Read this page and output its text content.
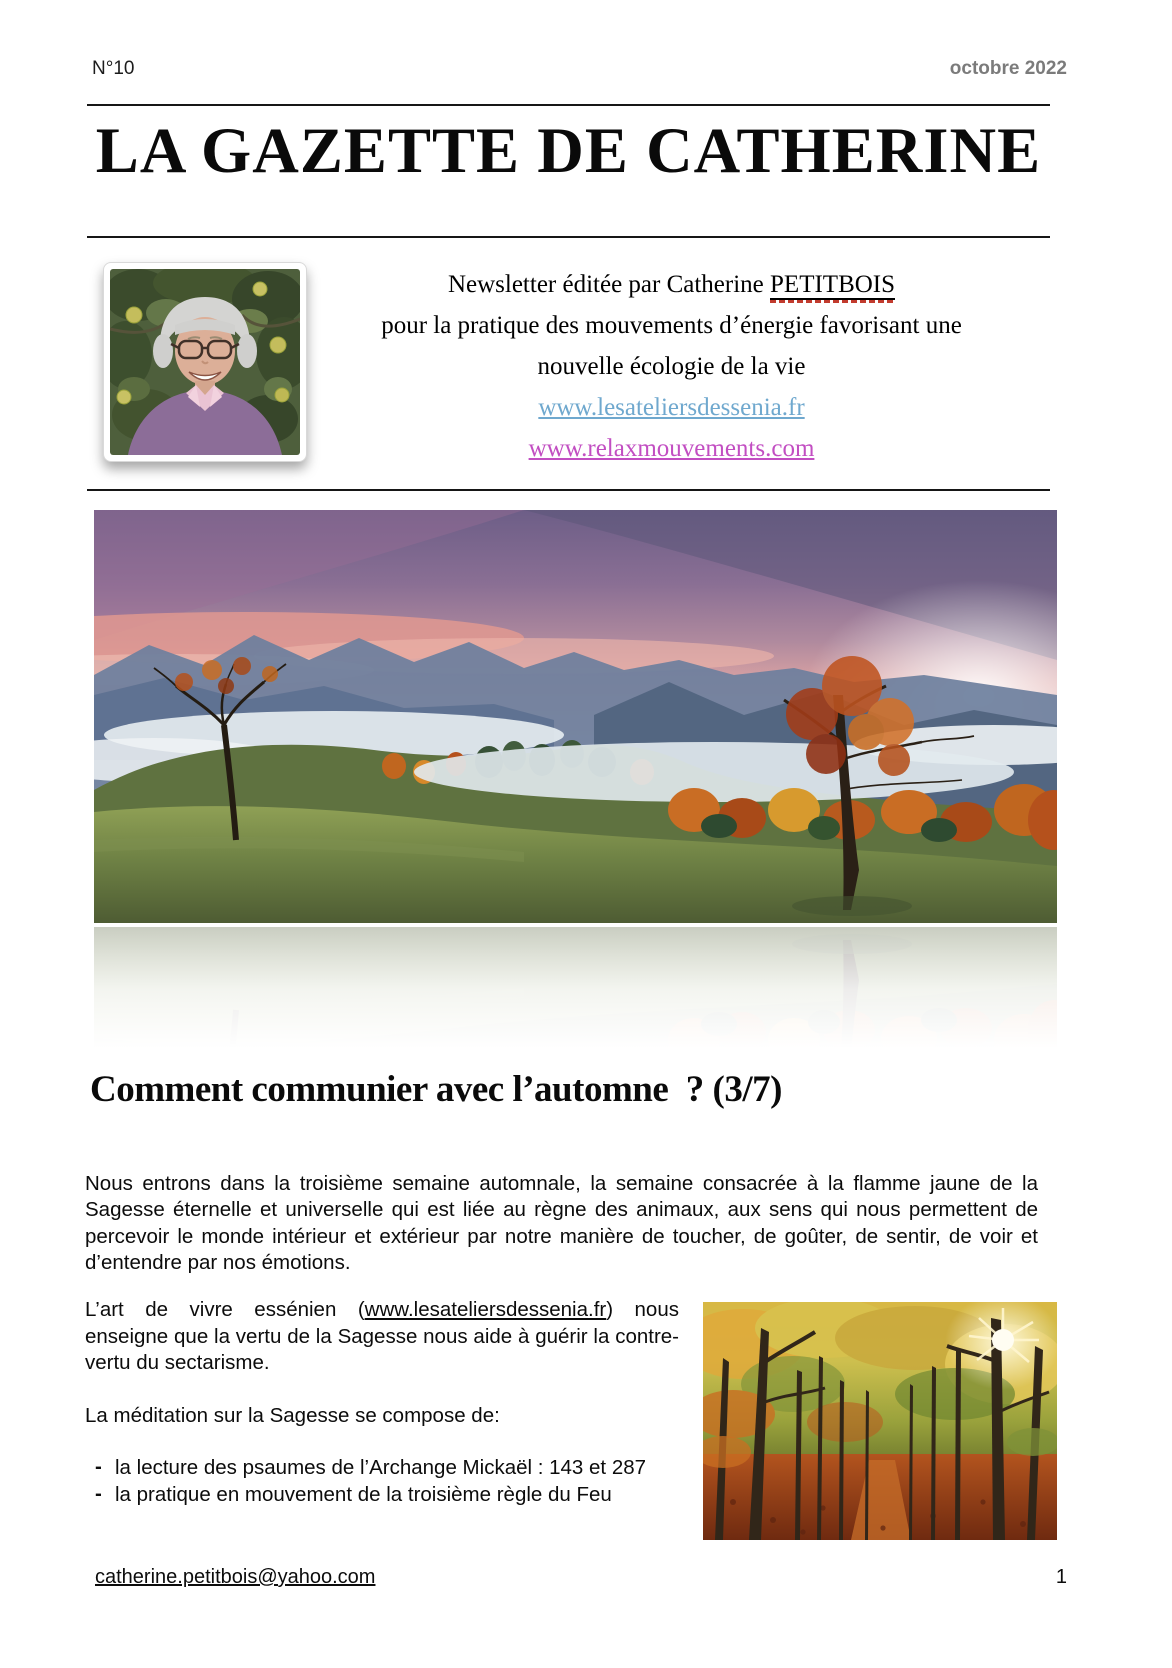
N°10	octobre 2022
LA GAZETTE DE CATHERINE

Newsletter éditée par Catherine PETITBOIS

pour la pratique des mouvements d’énergie favorisant une

nouvelle écologie de la vie

www.lesateliersdessenia.fr

www.relaxmouvements.com

Comment communier avec l’automne  ? (3/7)

Nous entrons dans la troisième semaine automnale, la semaine consacrée à la flamme jaune de la Sagesse éternelle et universelle qui est liée au règne des animaux, aux sens qui nous permettent de percevoir le monde intérieur et extérieur par notre manière de toucher, de goûter, de sentir, de voir et d’entendre par nos émotions.

L’art de vivre essénien (www.lesateliersdessenia.fr) nous enseigne que la vertu de la Sagesse nous aide à guérir la contre-vertu du sectarisme.

La méditation sur la Sagesse se compose de:

- la lecture des psaumes de l’Archange Mickaël : 143 et 287
- la pratique en mouvement de la troisième règle du Feu
catherine.petitbois@yahoo.com	1
